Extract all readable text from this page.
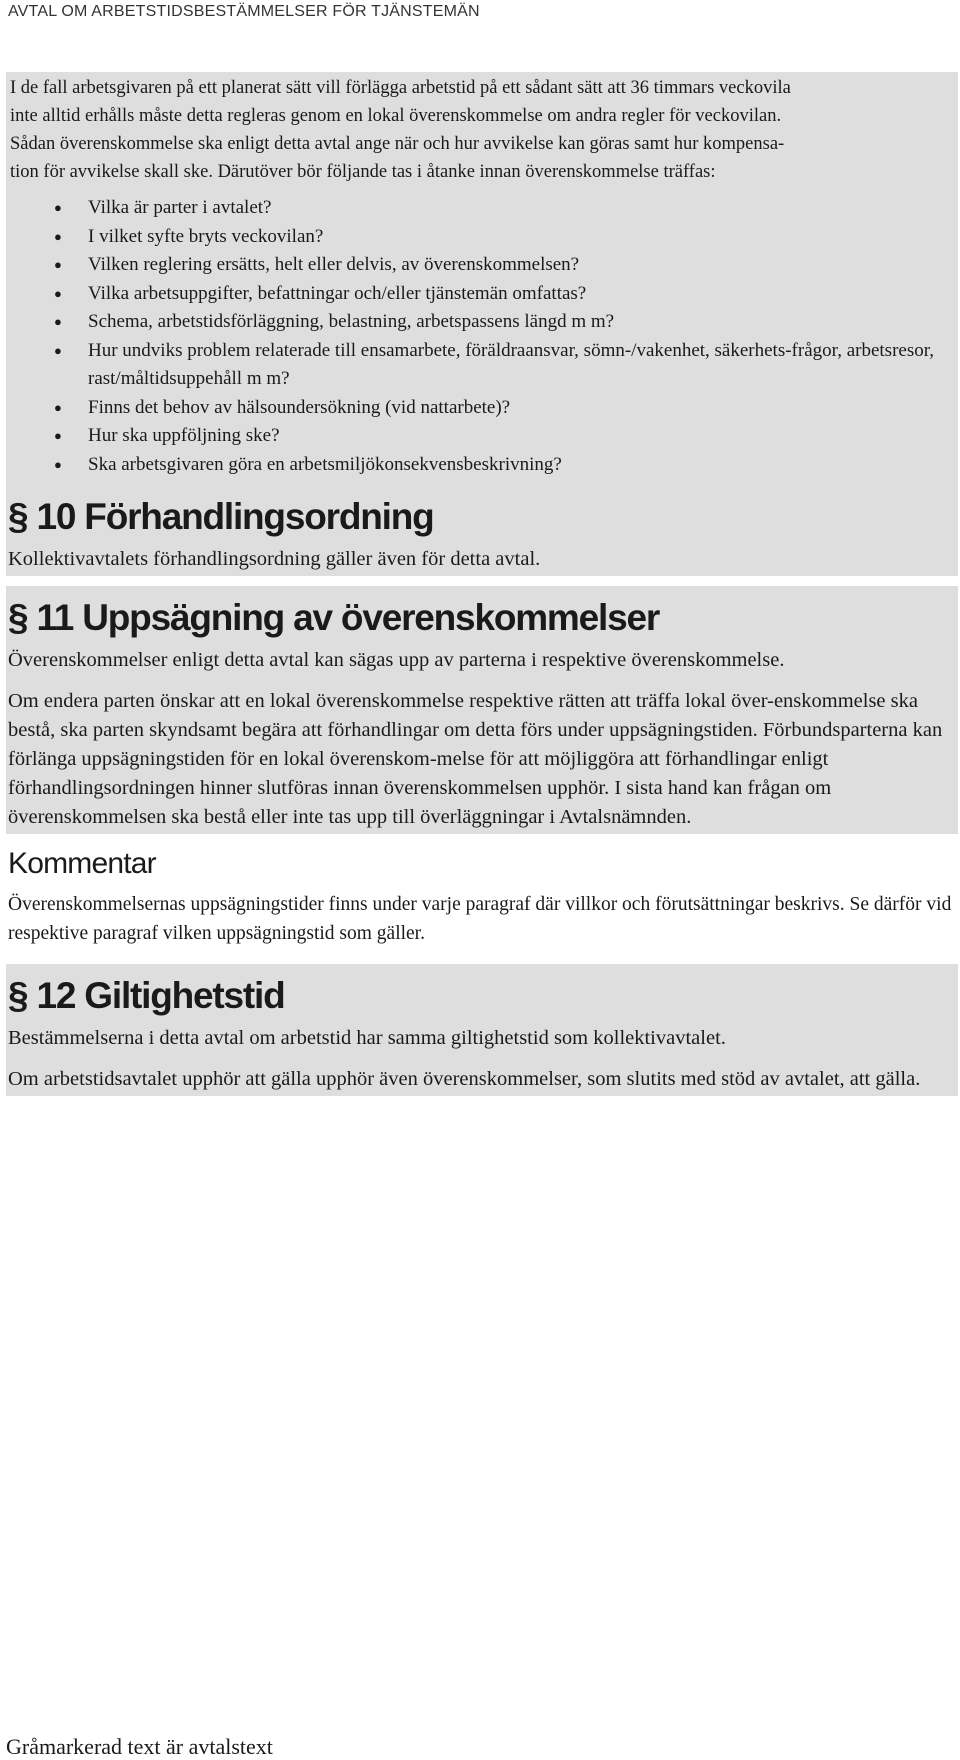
AVTAL OM ARBETSTIDSBESTÄMMELSER FÖR TJÄNSTEMÄN

I de fall arbetsgivaren på ett planerat sätt vill förlägga arbetstid på ett sådant sätt att 36 timmars veckovila
inte alltid erhålls måste detta regleras genom en lokal överenskommelse om andra regler för veckovilan.
Sådan överenskommelse ska enligt detta avtal ange när och hur avvikelse kan göras samt hur kompensa-
tion för avvikelse skall ske. Därutöver bör följande tas i åtanke innan överenskommelse träffas:

● Vilka är parter i avtalet?
● I vilket syfte bryts veckovilan?
● Vilken reglering ersätts, helt eller delvis, av överenskommelsen?
● Vilka arbetsuppgifter, befattningar och/eller tjänstemän omfattas?
● Schema, arbetstidsförläggning, belastning, arbetspassens längd m m?
● Hur undviks problem relaterade till ensamarbete, föräldraansvar, sömn-/vakenhet, säkerhets-frågor, arbetsresor, rast/måltidsuppehåll m m?
● Finns det behov av hälsoundersökning (vid nattarbete)?
● Hur ska uppföljning ske?
● Ska arbetsgivaren göra en arbetsmiljökonsekvensbeskrivning?
§ 10 Förhandlingsordning

Kollektivavtalets förhandlingsordning gäller även för detta avtal.

§ 11 Uppsägning av överenskommelser

Överenskommelser enligt detta avtal kan sägas upp av parterna i respektive överenskommelse.

Om endera parten önskar att en lokal överenskommelse respektive rätten att träffa lokal över-enskommelse ska bestå, ska parten skyndsamt begära att förhandlingar om detta förs under uppsägningstiden. Förbundsparterna kan förlänga uppsägningstiden för en lokal överenskom-melse för att möjliggöra att förhandlingar enligt förhandlingsordningen hinner slutföras innan överenskommelsen upphör. I sista hand kan frågan om överenskommelsen ska bestå eller inte tas upp till överläggningar i Avtalsnämnden.

Kommentar

Överenskommelsernas uppsägningstider finns under varje paragraf där villkor och förutsättningar beskrivs. Se därför vid respektive paragraf vilken uppsägningstid som gäller.

§ 12 Giltighetstid

Bestämmelserna i detta avtal om arbetstid har samma giltighetstid som kollektivavtalet.

Om arbetstidsavtalet upphör att gälla upphör även överenskommelser, som slutits med stöd av avtalet, att gälla.

Gråmarkerad text är avtalstext
